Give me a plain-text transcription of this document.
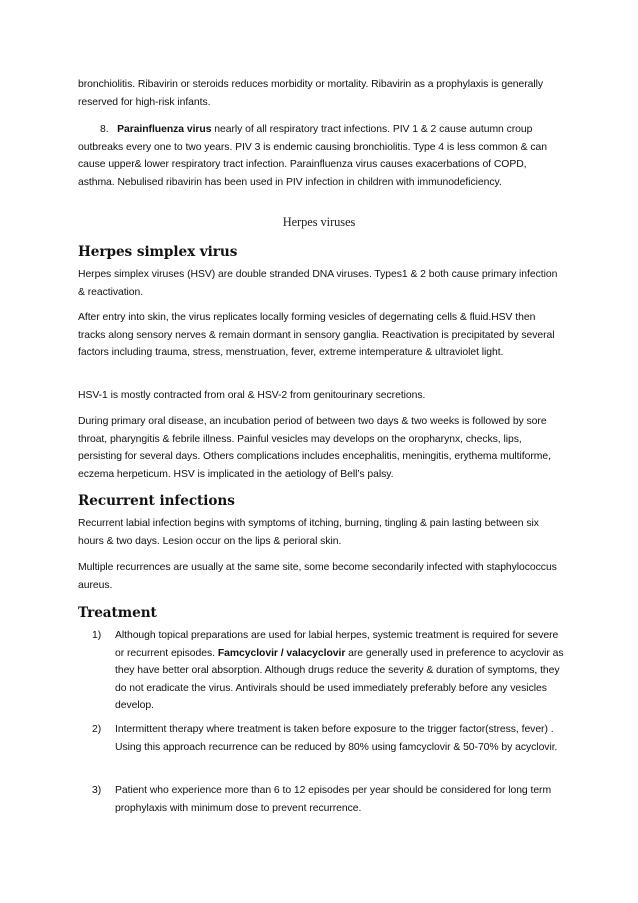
bronchiolitis. Ribavirin or steroids reduces morbidity or mortality. Ribavirin as a prophylaxis is generally reserved for high-risk infants.

8. Parainfluenza virus nearly of all respiratory tract infections. PIV 1 & 2 cause autumn croup outbreaks every one to two years. PIV 3 is endemic causing bronchiolitis. Type 4 is less common & can cause upper& lower respiratory tract infection. Parainfluenza virus causes exacerbations of COPD, asthma. Nebulised ribavirin has been used in PIV infection in children with immunodeficiency.
Herpes viruses
Herpes simplex virus

Herpes simplex viruses (HSV) are double stranded DNA viruses. Types1 & 2 both cause primary infection & reactivation.

After entry into skin, the virus replicates locally forming vesicles of degernating cells & fluid.HSV then tracks along sensory nerves & remain dormant in sensory ganglia. Reactivation is precipitated by several factors including trauma, stress, menstruation, fever, extreme intemperature & ultraviolet light.

HSV-1 is mostly contracted from oral & HSV-2 from genitourinary secretions.

During primary oral disease, an incubation period of between two days & two weeks is followed by sore throat, pharyngitis & febrile illness. Painful vesicles may develops on the oropharynx, checks, lips, persisting for several days. Others complications includes encephalitis, meningitis, erythema multiforme, eczema herpeticum. HSV is implicated in the aetiology of Bell’s palsy.

Recurrent infections

Recurrent labial infection begins with symptoms of itching, burning, tingling & pain lasting between six hours & two days. Lesion occur on the lips & perioral skin.

Multiple recurrences are usually at the same site, some become secondarily infected with staphylococcus aureus.

Treatment
1) Although topical preparations are used for labial herpes, systemic treatment is required for severe or recurrent episodes. Famcyclovir / valacyclovir are generally used in preference to acyclovir as they have better oral absorption. Although drugs reduce the severity & duration of symptoms, they do not eradicate the virus. Antivirals should be used immediately preferably before any vesicles develop.
2) Intermittent therapy where treatment is taken before exposure to the trigger factor(stress, fever) . Using this approach recurrence can be reduced by 80% using famcyclovir & 50-70% by acyclovir.
3) Patient who experience more than 6 to 12 episodes per year should be considered for long term prophylaxis with minimum dose to prevent recurrence.
